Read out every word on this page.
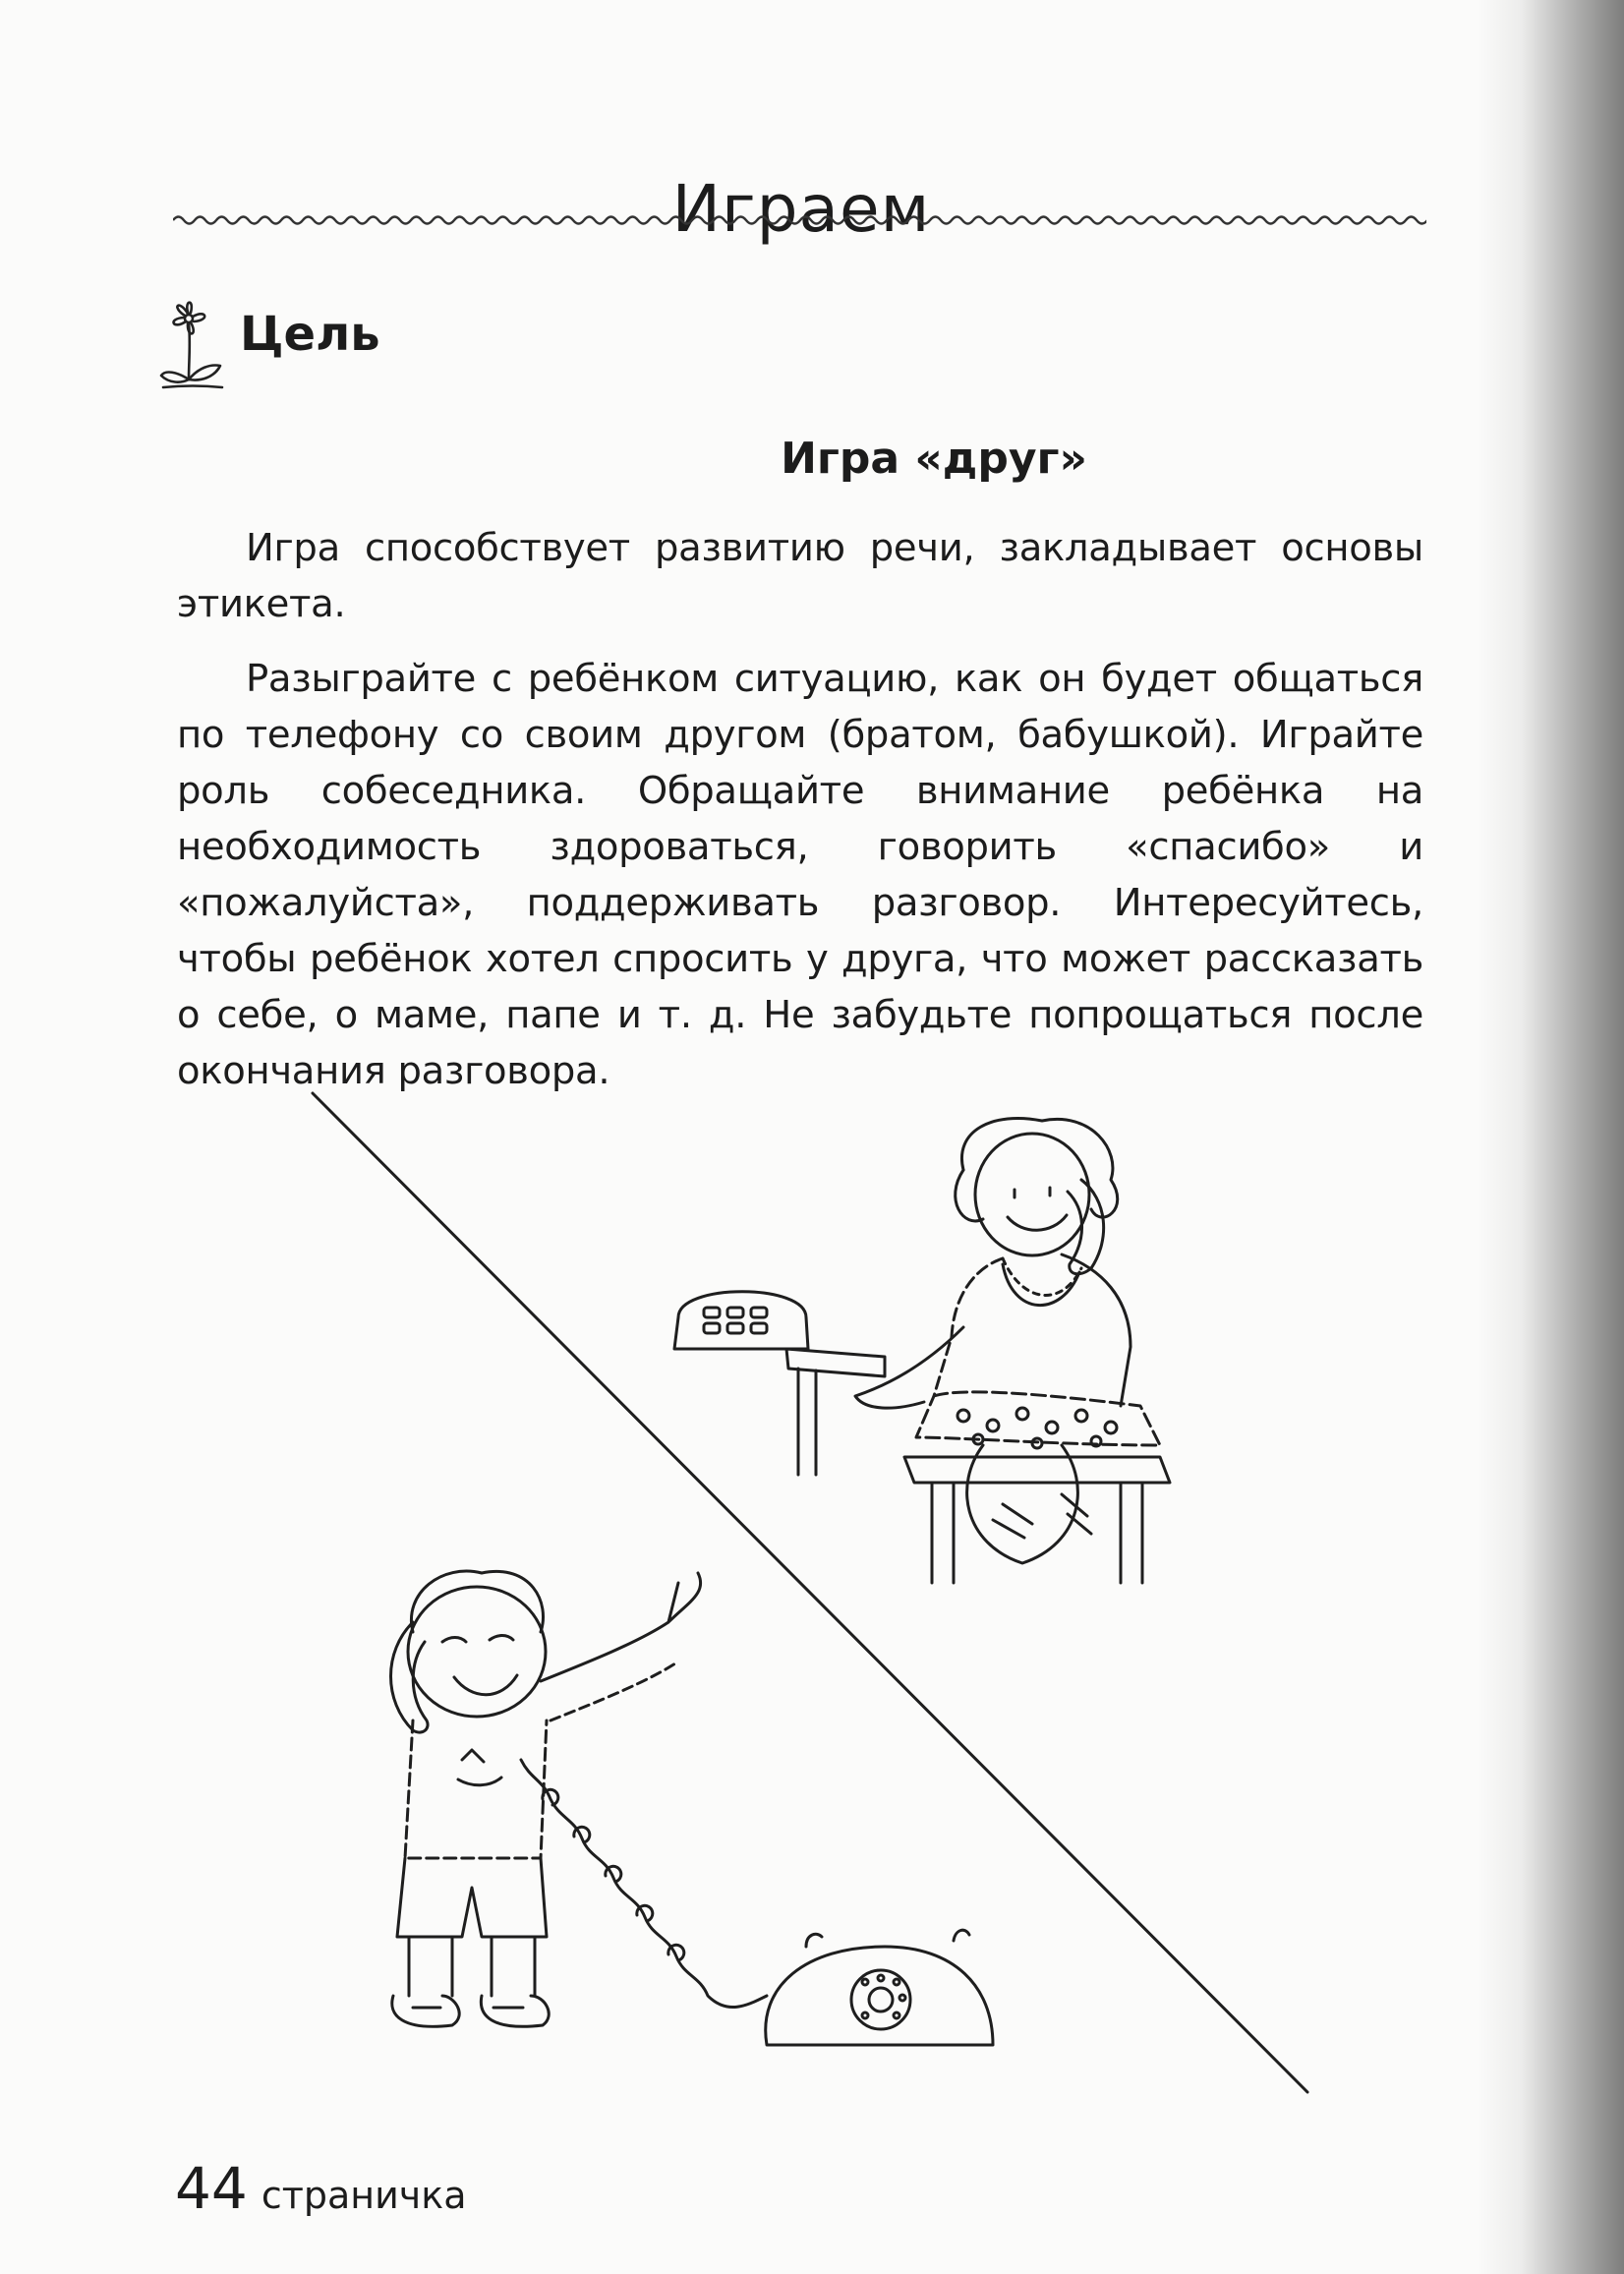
Играем
Цель
Игра «друг»

Игра способствует развитию речи, закладывает основы этикета.

Разыграйте с ребёнком ситуацию, как он будет общаться по телефону со своим другом (братом, бабушкой). Играйте роль собеседника. Обращайте внимание ребёнка на необходимость здороваться, говорить «спасибо» и «пожалуйста», поддерживать разговор. Интересуйтесь, чтобы ребёнок хотел спросить у друга, что может рассказать о себе, о маме, папе и т. д. Не забудьте попрощаться после окончания разговора.

44 страничка
